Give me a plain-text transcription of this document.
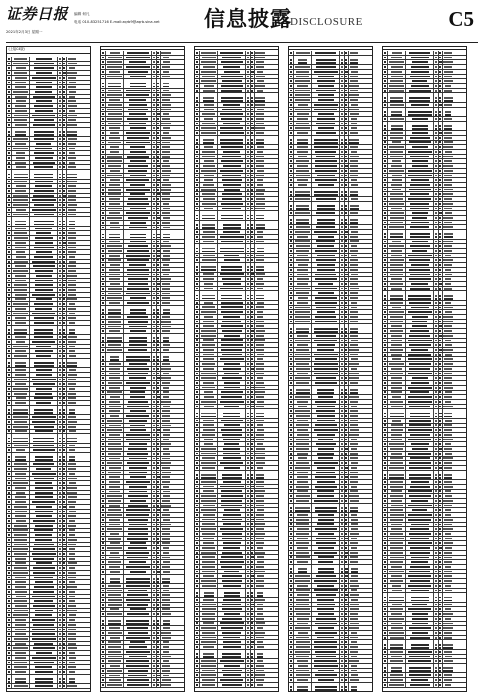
证券日报 编辑 何凡
电话 010-83251716 E-mail:zqrb9@zqrb.sina.net
2021年2月3日 星期一
信息披露
DISCLOSURE	C5
(上接C4版)
